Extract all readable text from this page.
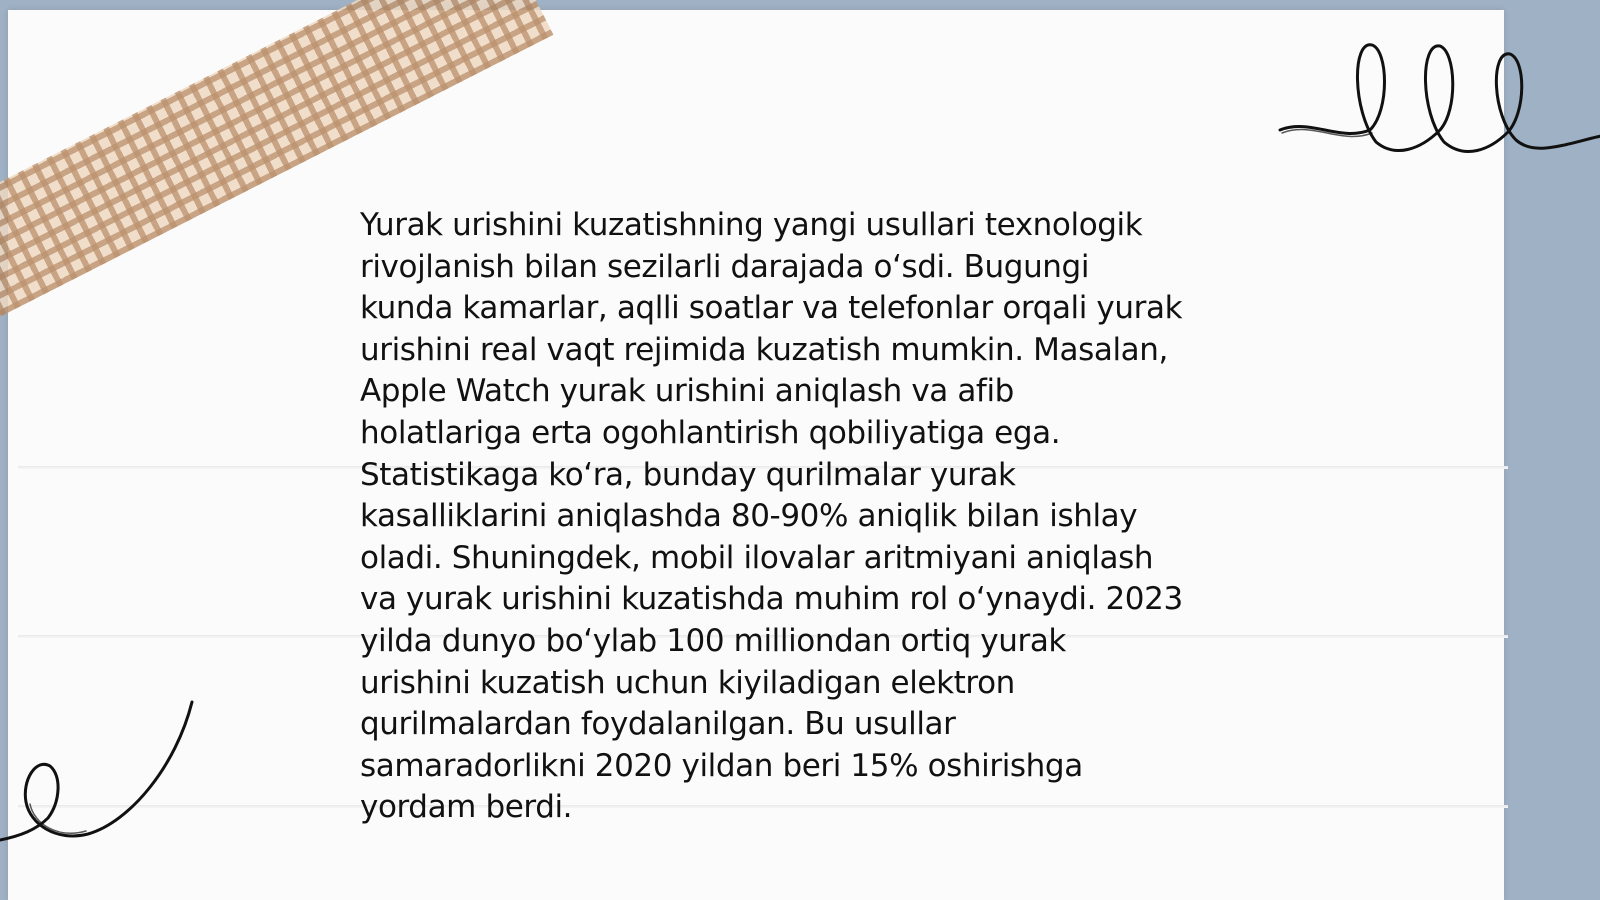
Yurak urishini kuzatishning yangi usullari texnologik
rivojlanish bilan sezilarli darajada oʻsdi. Bugungi
kunda kamarlar, aqlli soatlar va telefonlar orqali yurak
urishini real vaqt rejimida kuzatish mumkin. Masalan,
Apple Watch yurak urishini aniqlash va afib
holatlariga erta ogohlantirish qobiliyatiga ega.
Statistikaga koʻra, bunday qurilmalar yurak
kasalliklarini aniqlashda 80-90% aniqlik bilan ishlay
oladi. Shuningdek, mobil ilovalar aritmiyani aniqlash
va yurak urishini kuzatishda muhim rol oʻynaydi. 2023
yilda dunyo boʻylab 100 milliondan ortiq yurak
urishini kuzatish uchun kiyiladigan elektron
qurilmalardan foydalanilgan. Bu usullar
samaradorlikni 2020 yildan beri 15% oshirishga
yordam berdi.
